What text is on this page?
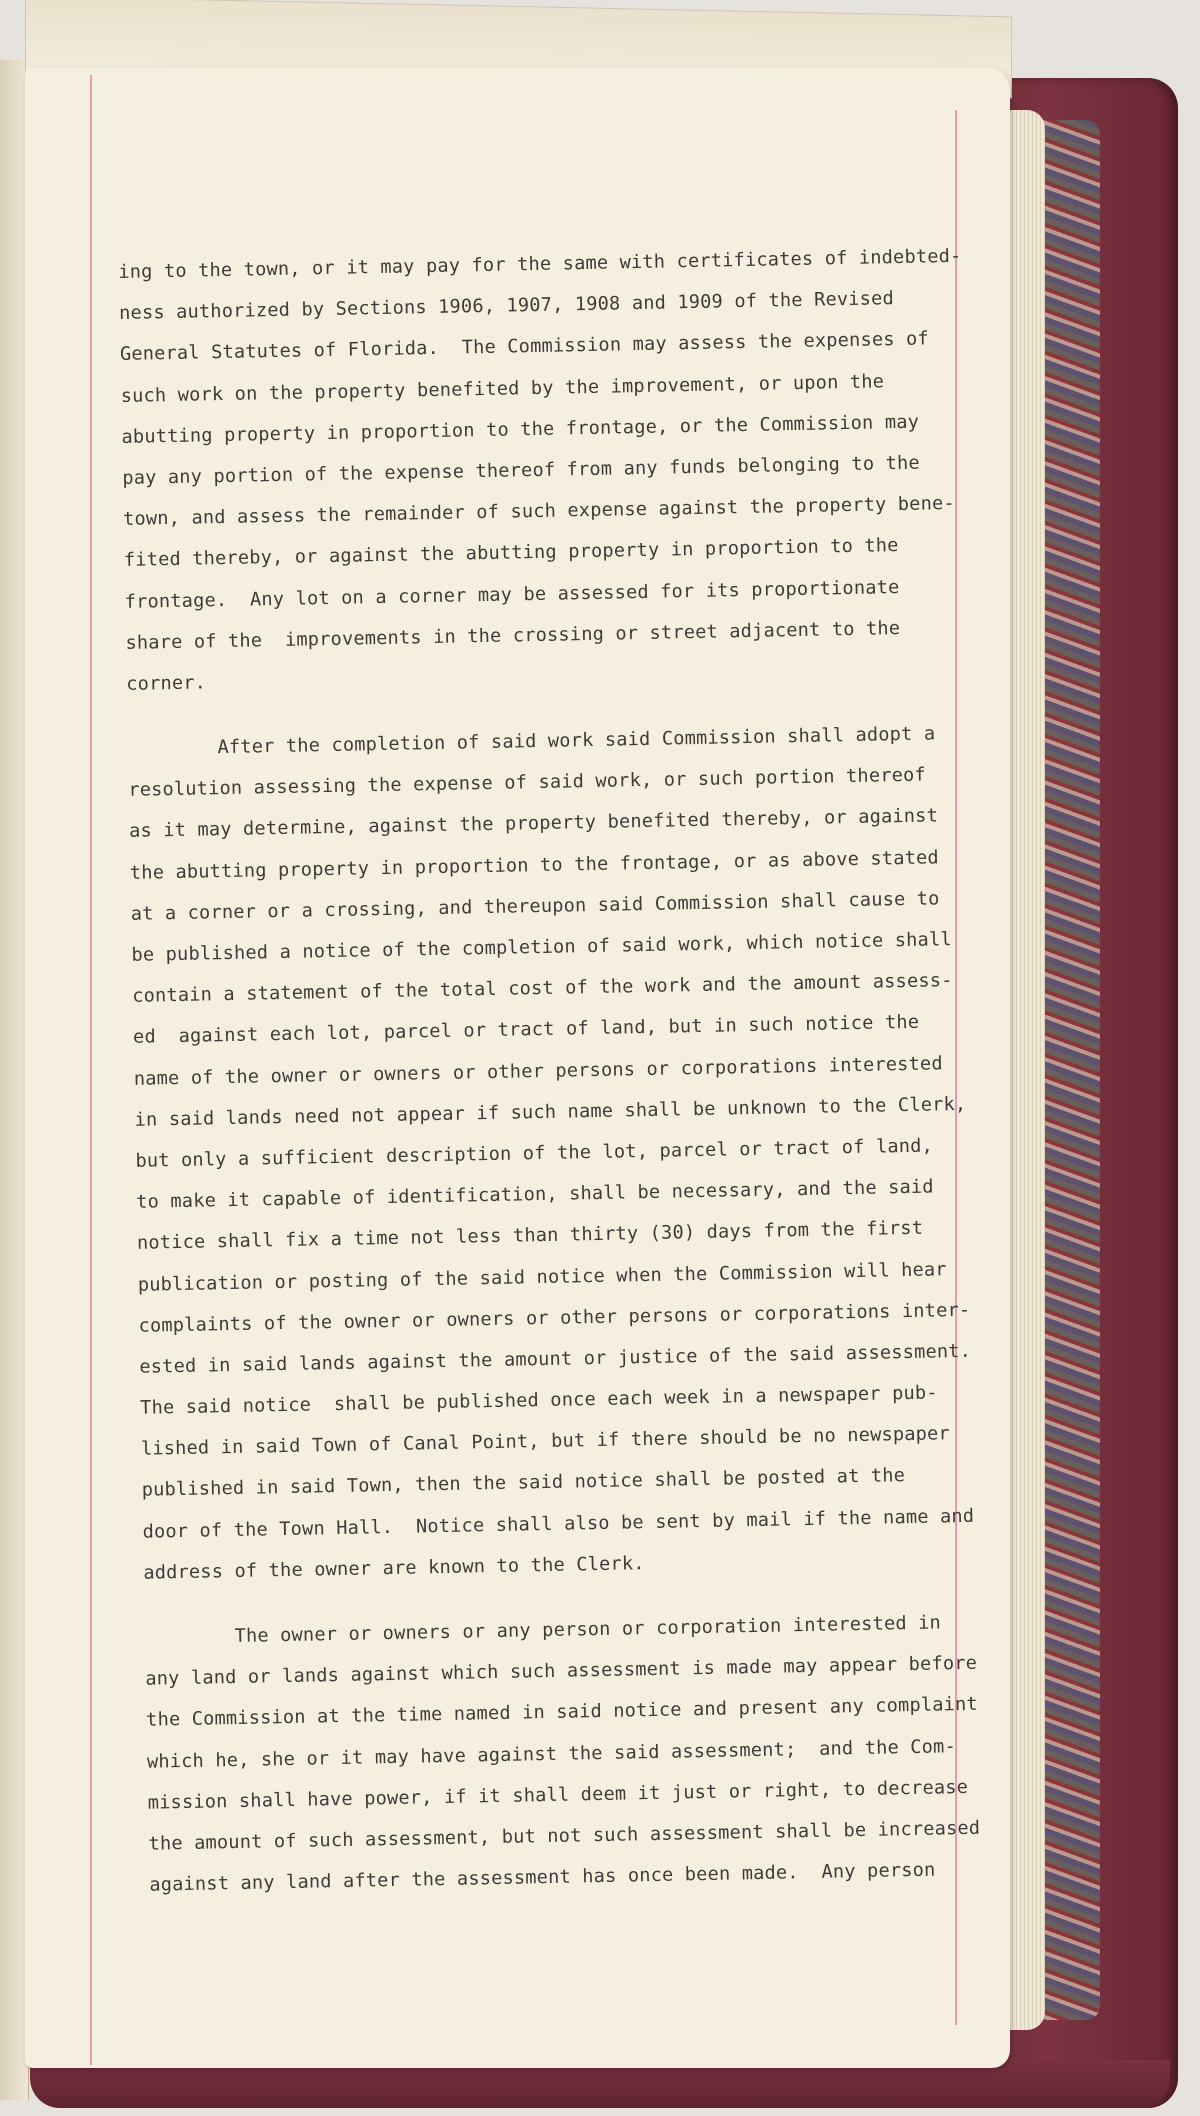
ing to the town, or it may pay for the same with certificates of indebted-
ness authorized by Sections 1906, 1907, 1908 and 1909 of the Revised
General Statutes of Florida.  The Commission may assess the expenses of
such work on the property benefited by the improvement, or upon the
abutting property in proportion to the frontage, or the Commission may
pay any portion of the expense thereof from any funds belonging to the
town, and assess the remainder of such expense against the property bene-
fited thereby, or against the abutting property in proportion to the
frontage.  Any lot on a corner may be assessed for its proportionate
share of the  improvements in the crossing or street adjacent to the
corner.
After the completion of said work said Commission shall adopt a
resolution assessing the expense of said work, or such portion thereof
as it may determine, against the property benefited thereby, or against
the abutting property in proportion to the frontage, or as above stated
at a corner or a crossing, and thereupon said Commission shall cause to
be published a notice of the completion of said work, which notice shall
contain a statement of the total cost of the work and the amount assess-
ed  against each lot, parcel or tract of land, but in such notice the
name of the owner or owners or other persons or corporations interested
in said lands need not appear if such name shall be unknown to the Clerk,
but only a sufficient description of the lot, parcel or tract of land,
to make it capable of identification, shall be necessary, and the said
notice shall fix a time not less than thirty (30) days from the first
publication or posting of the said notice when the Commission will hear
complaints of the owner or owners or other persons or corporations inter-
ested in said lands against the amount or justice of the said assessment.
The said notice  shall be published once each week in a newspaper pub-
lished in said Town of Canal Point, but if there should be no newspaper
published in said Town, then the said notice shall be posted at the
door of the Town Hall.  Notice shall also be sent by mail if the name and
address of the owner are known to the Clerk.
The owner or owners or any person or corporation interested in
any land or lands against which such assessment is made may appear before
the Commission at the time named in said notice and present any complaint
which he, she or it may have against the said assessment;  and the Com-
mission shall have power, if it shall deem it just or right, to decrease
the amount of such assessment, but not such assessment shall be increased
against any land after the assessment has once been made.  Any person
